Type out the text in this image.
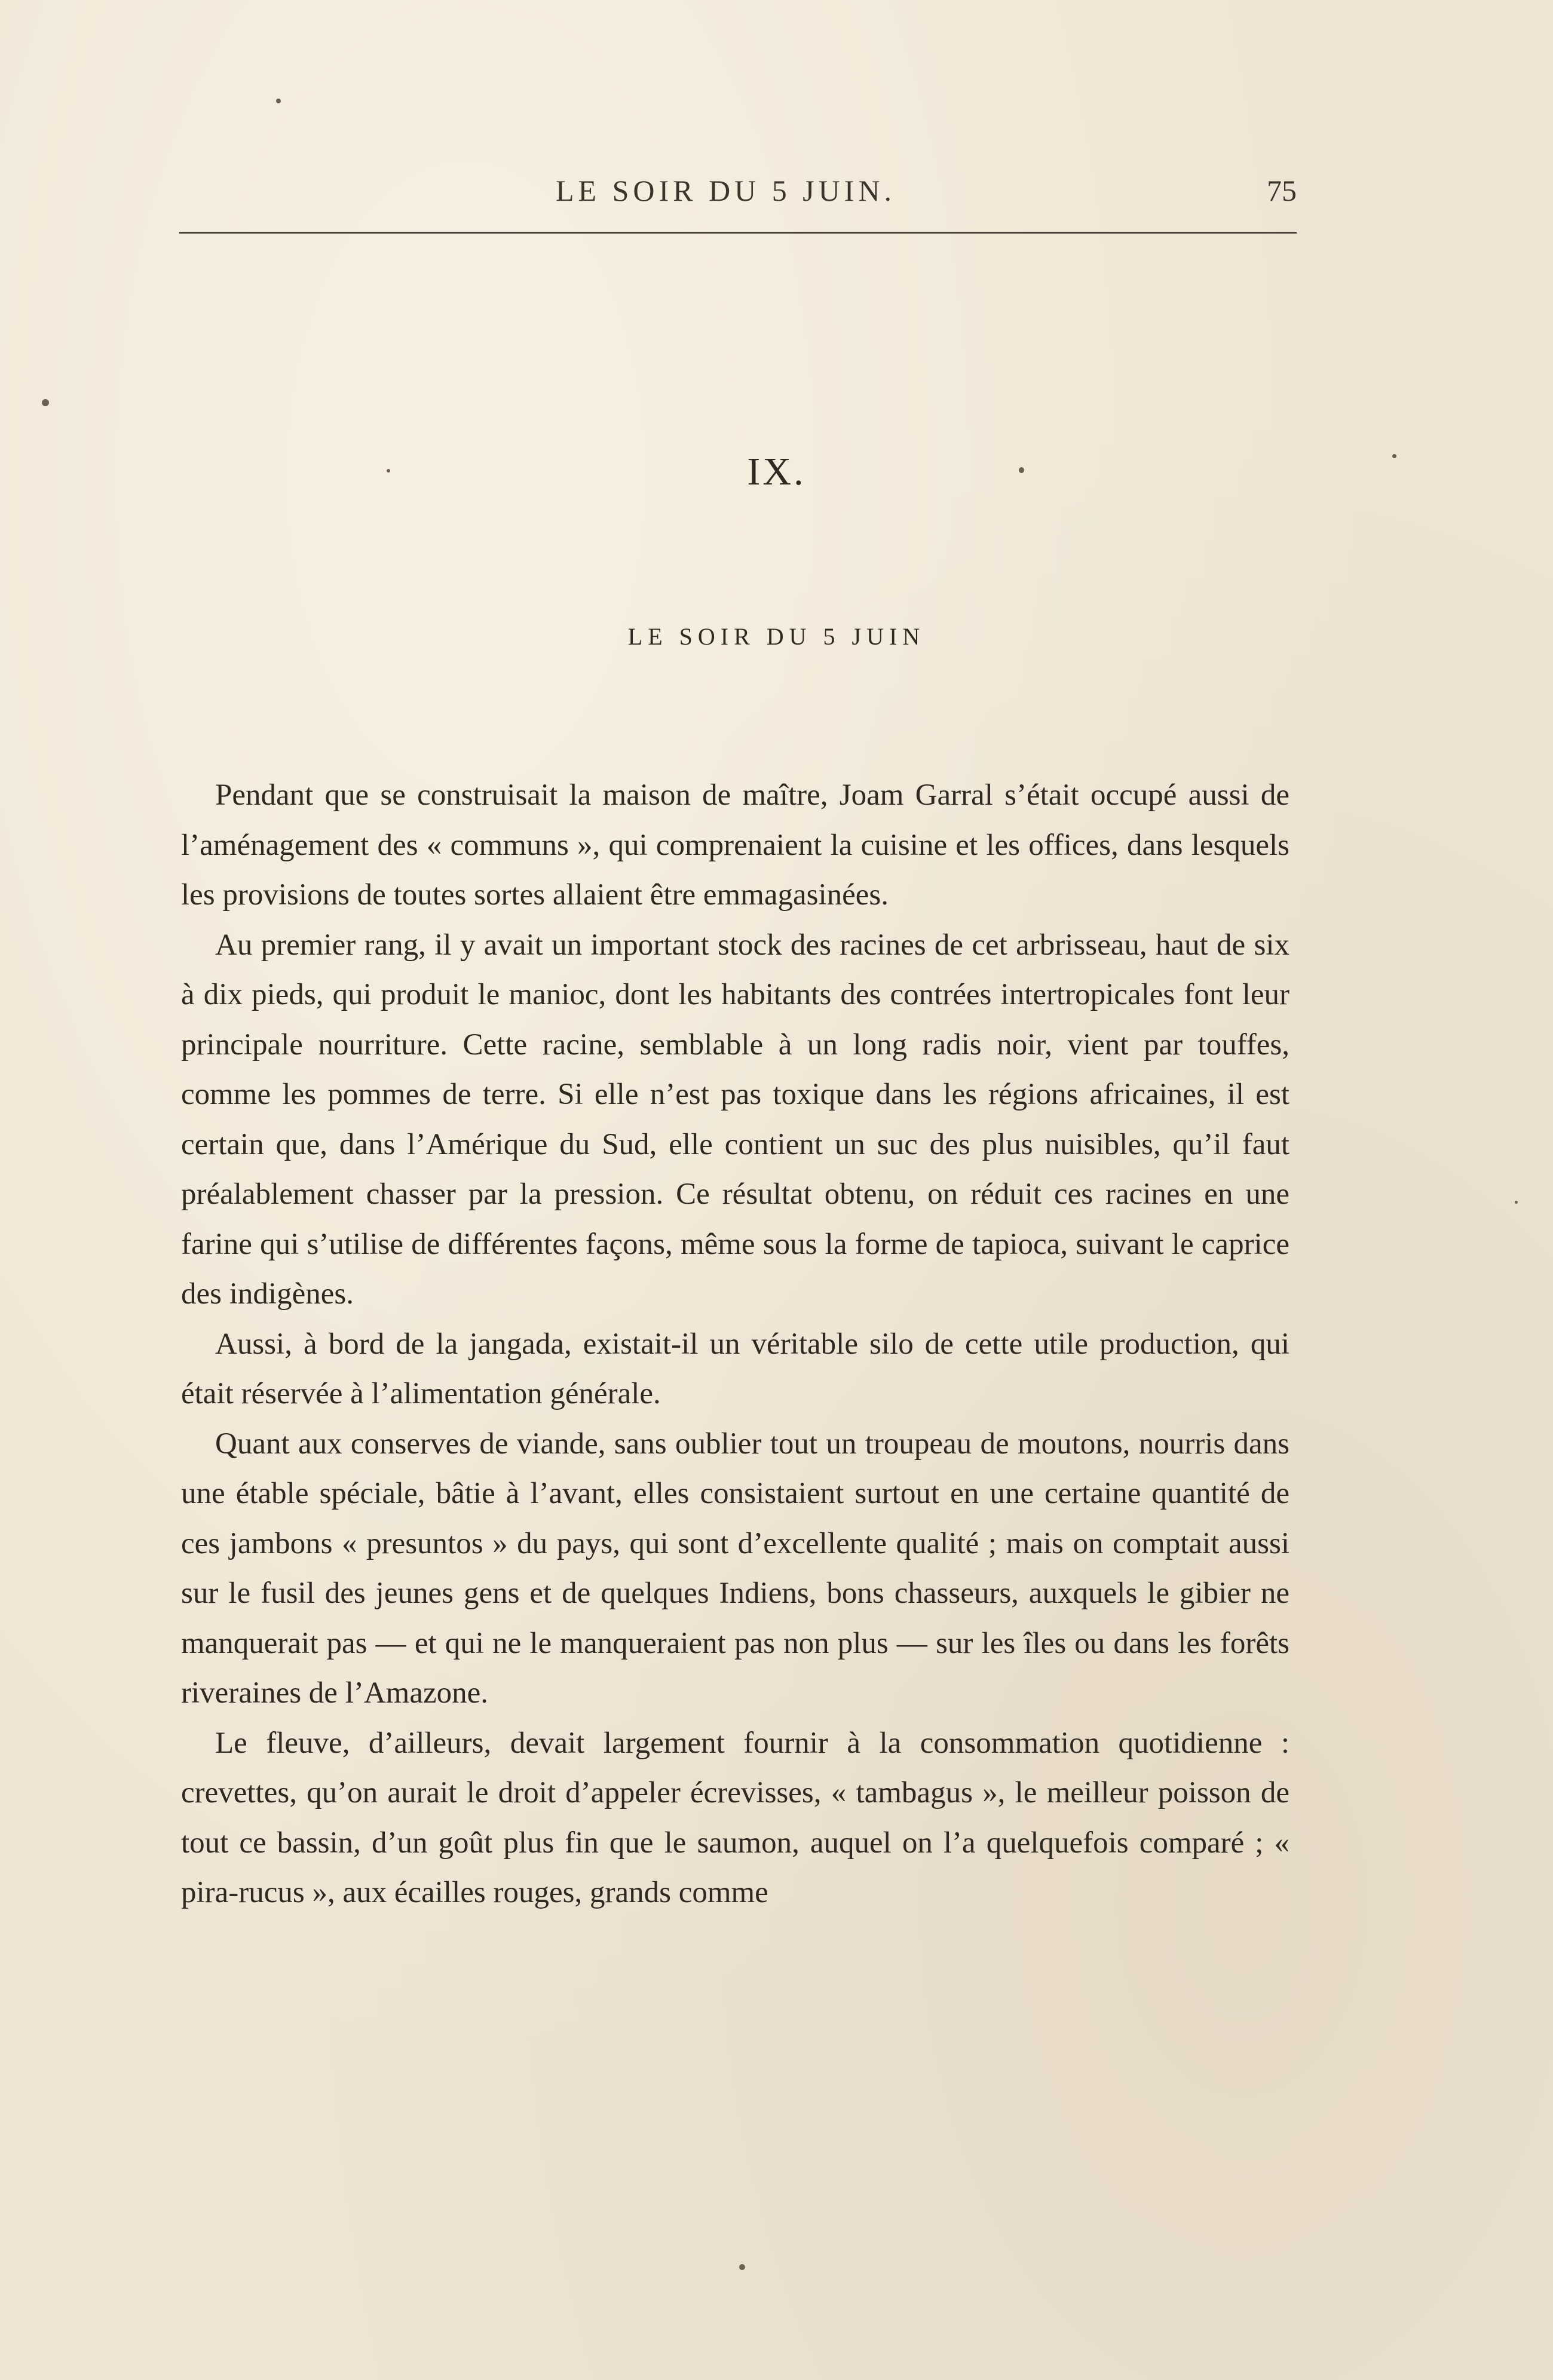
LE SOIR DU 5 JUIN.	75
IX.
LE SOIR DU 5 JUIN

Pendant que se construisait la maison de maître, Joam Garral s’était occupé aussi de l’aménagement des « communs », qui comprenaient la cuisine et les offices, dans lesquels les provisions de toutes sortes allaient être emmagasinées.

Au premier rang, il y avait un important stock des racines de cet arbrisseau, haut de six à dix pieds, qui produit le manioc, dont les habitants des contrées intertropicales font leur principale nourriture. Cette racine, semblable à un long radis noir, vient par touffes, comme les pommes de terre. Si elle n’est pas toxique dans les régions africaines, il est certain que, dans l’Amérique du Sud, elle contient un suc des plus nuisibles, qu’il faut préalablement chasser par la pression. Ce résultat obtenu, on réduit ces racines en une farine qui s’utilise de différentes façons, même sous la forme de tapioca, suivant le caprice des indigènes.

Aussi, à bord de la jangada, existait-il un véritable silo de cette utile production, qui était réservée à l’alimentation générale.

Quant aux conserves de viande, sans oublier tout un troupeau de moutons, nourris dans une étable spéciale, bâtie à l’avant, elles consistaient surtout en une certaine quantité de ces jambons « presuntos » du pays, qui sont d’excellente qualité ; mais on comptait aussi sur le fusil des jeunes gens et de quelques Indiens, bons chasseurs, auxquels le gibier ne manquerait pas — et qui ne le manqueraient pas non plus — sur les îles ou dans les forêts riveraines de l’Amazone.

Le fleuve, d’ailleurs, devait largement fournir à la consommation quotidienne : crevettes, qu’on aurait le droit d’appeler écrevisses, « tambagus », le meilleur poisson de tout ce bassin, d’un goût plus fin que le saumon, auquel on l’a quelquefois comparé ; « pira-rucus », aux écailles rouges, grands comme
